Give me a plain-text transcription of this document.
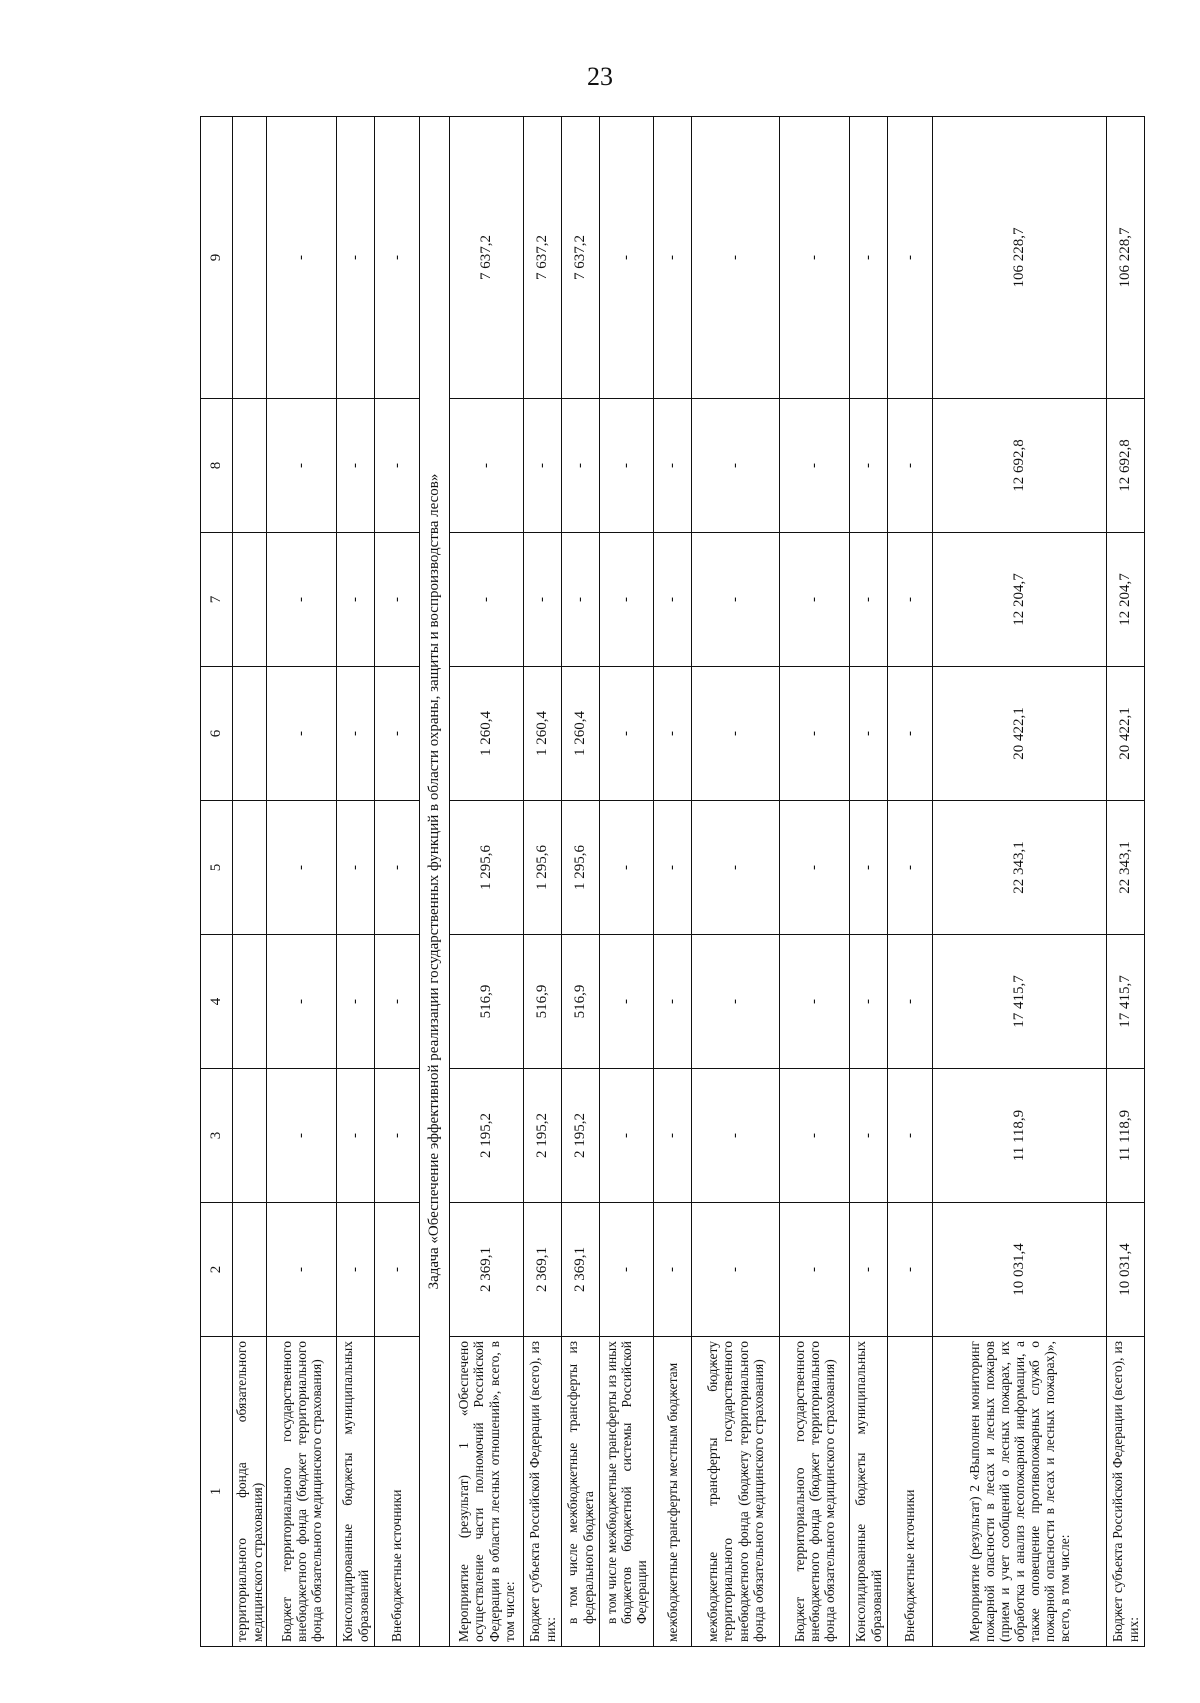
23
1	2	3	4	5	6	7	8	9
территориального фонда обязательного медицинского страхования)								
Бюджет территориального государственного внебюджетного фонда (бюджет территориального фонда обязательного медицинского страхования)	-	-	-	-	-	-	-	-
Консолидированные бюджеты муниципальных образований	-	-	-	-	-	-	-	-
Внебюджетные источники	-	-	-	-	-	-	-	-
Задача «Обеспечение эффективной реализации государственных функций в области охраны, защиты и воспроизводства лесов»								
Мероприятие (результат) 1 «Обеспечено осуществление части полномочий Российской Федерации в области лесных отношений», всего, в том числе:	2 369,1	2 195,2	516,9	1 295,6	1 260,4	-	-	7 637,2
Бюджет субъекта Российской Федерации (всего), из них:	2 369,1	2 195,2	516,9	1 295,6	1 260,4	-	-	7 637,2
в том числе межбюджетные трансферты из федерального бюджета	2 369,1	2 195,2	516,9	1 295,6	1 260,4	-	-	7 637,2
в том числе межбюджетные трансферты из иных бюджетов бюджетной системы Российской Федерации	-	-	-	-	-	-	-	-
межбюджетные трансферты местным бюджетам	-	-	-	-	-	-	-	-
межбюджетные трансферты бюджету территориального государственного внебюджетного фонда (бюджету территориального фонда обязательного медицинского страхования)	-	-	-	-	-	-	-	-
Бюджет территориального государственного внебюджетного фонда (бюджет территориального фонда обязательного медицинского страхования)	-	-	-	-	-	-	-	-
Консолидированные бюджеты муниципальных образований	-	-	-	-	-	-	-	-
Внебюджетные источники	-	-	-	-	-	-	-	-
Мероприятие (результат) 2 «Выполнен мониторинг пожарной опасности в лесах и лесных пожаров (прием и учет сообщений о лесных пожарах, их обработка и анализ лесопожарной информации, а также оповещение противопожарных служб о пожарной опасности в лесах и лесных пожарах)», всего, в том числе:	10 031,4	11 118,9	17 415,7	22 343,1	20 422,1	12 204,7	12 692,8	106 228,7
Бюджет субъекта Российской Федерации (всего), из них:	10 031,4	11 118,9	17 415,7	22 343,1	20 422,1	12 204,7	12 692,8	106 228,7
